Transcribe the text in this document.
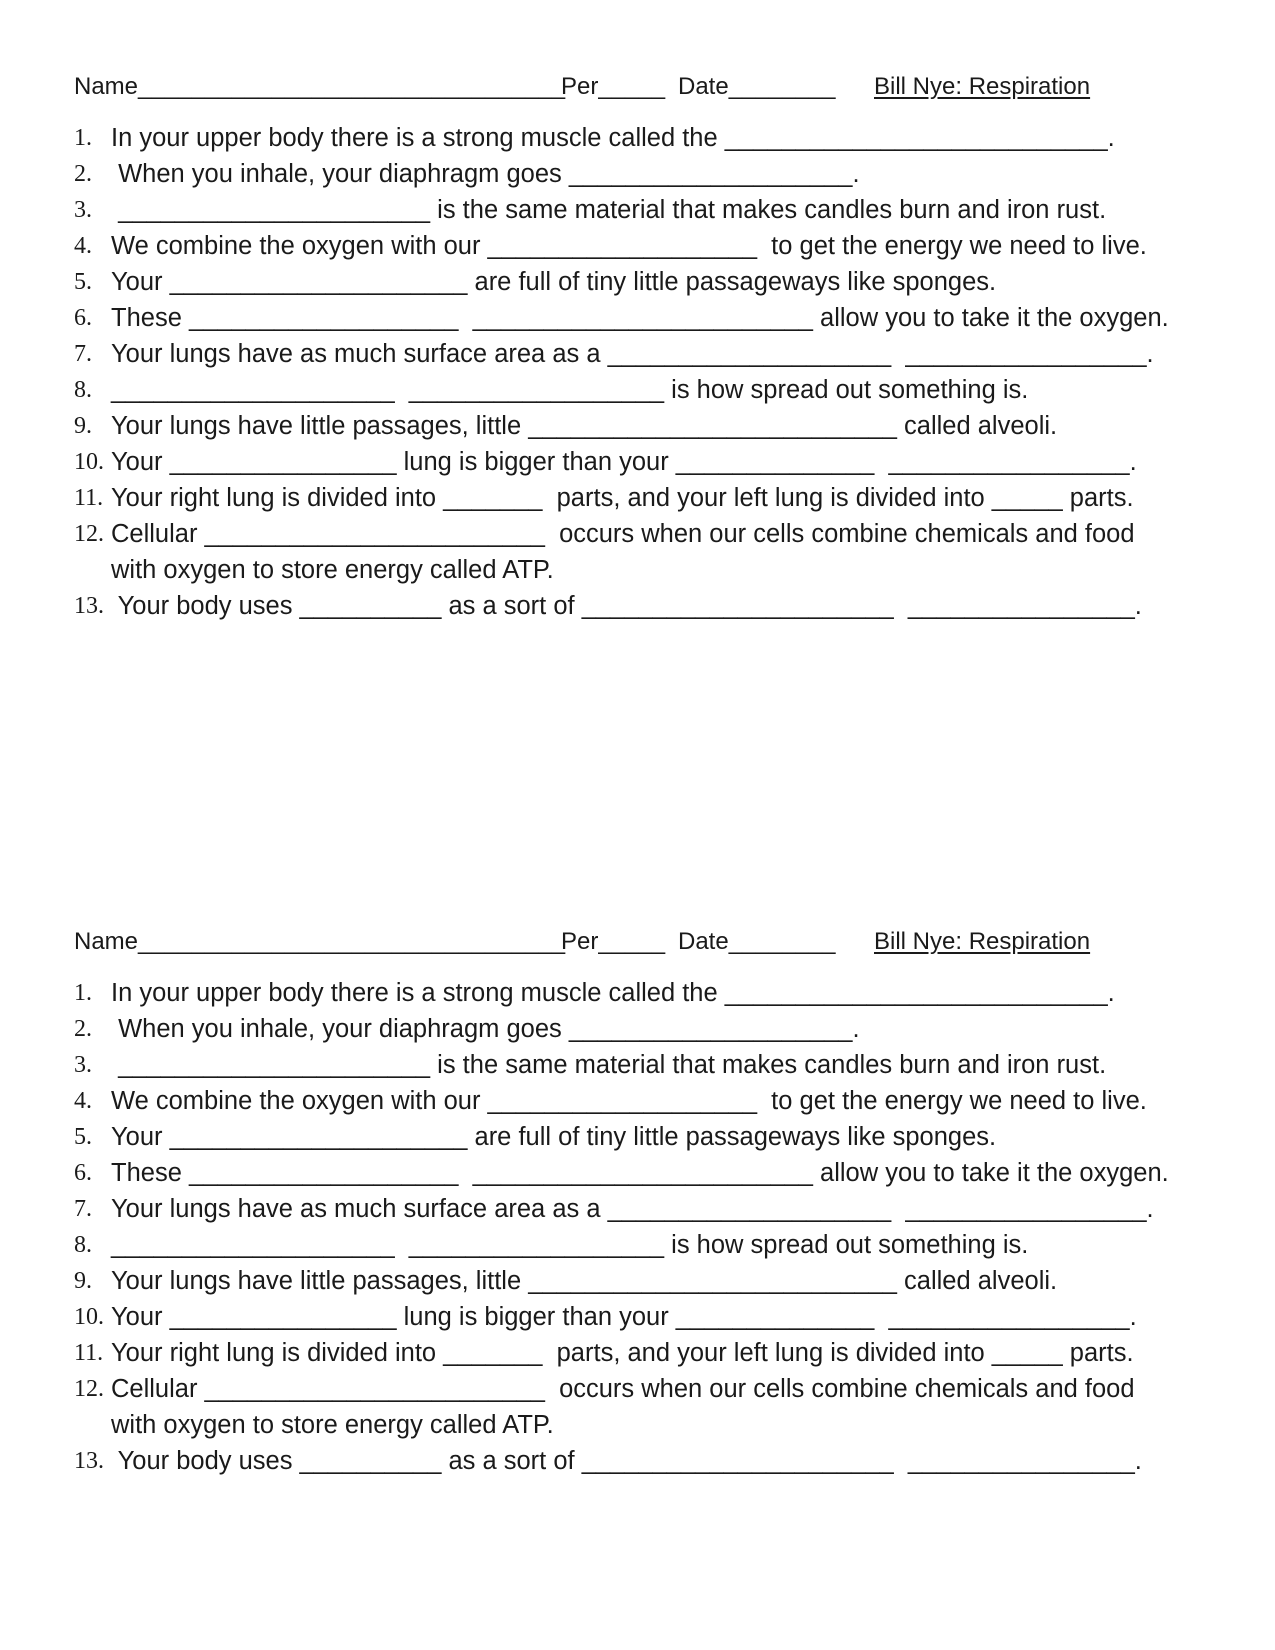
Name________________________________
Per_____ Date________ Bill Nye: Respiration
1. In your upper body there is a strong muscle called the ___________________________.
2. When you inhale, your diaphragm goes ____________________.
3. ______________________ is the same material that makes candles burn and iron rust.
4. We combine the oxygen with our ___________________  to get the energy we need to live.
5. Your _____________________ are full of tiny little passageways like sponges.
6. These ___________________  ________________________ allow you to take it the oxygen.
7. Your lungs have as much surface area as a ____________________  _________________.
8. ____________________  __________________ is how spread out something is.
9. Your lungs have little passages, little __________________________ called alveoli.
10. Your ________________ lung is bigger than your ______________  _________________.
11. Your right lung is divided into _______  parts, and your left lung is divided into _____ parts.
12. Cellular ________________________  occurs when our cells combine chemicals and food
with oxygen to store energy called ATP.
13. Your body uses __________ as a sort of ______________________  ________________.
Name________________________________
Per_____ Date________ Bill Nye: Respiration
1. In your upper body there is a strong muscle called the ___________________________.
2. When you inhale, your diaphragm goes ____________________.
3. ______________________ is the same material that makes candles burn and iron rust.
4. We combine the oxygen with our ___________________  to get the energy we need to live.
5. Your _____________________ are full of tiny little passageways like sponges.
6. These ___________________  ________________________ allow you to take it the oxygen.
7. Your lungs have as much surface area as a ____________________  _________________.
8. ____________________  __________________ is how spread out something is.
9. Your lungs have little passages, little __________________________ called alveoli.
10. Your ________________ lung is bigger than your ______________  _________________.
11. Your right lung is divided into _______  parts, and your left lung is divided into _____ parts.
12. Cellular ________________________  occurs when our cells combine chemicals and food
with oxygen to store energy called ATP.
13. Your body uses __________ as a sort of ______________________  ________________.
